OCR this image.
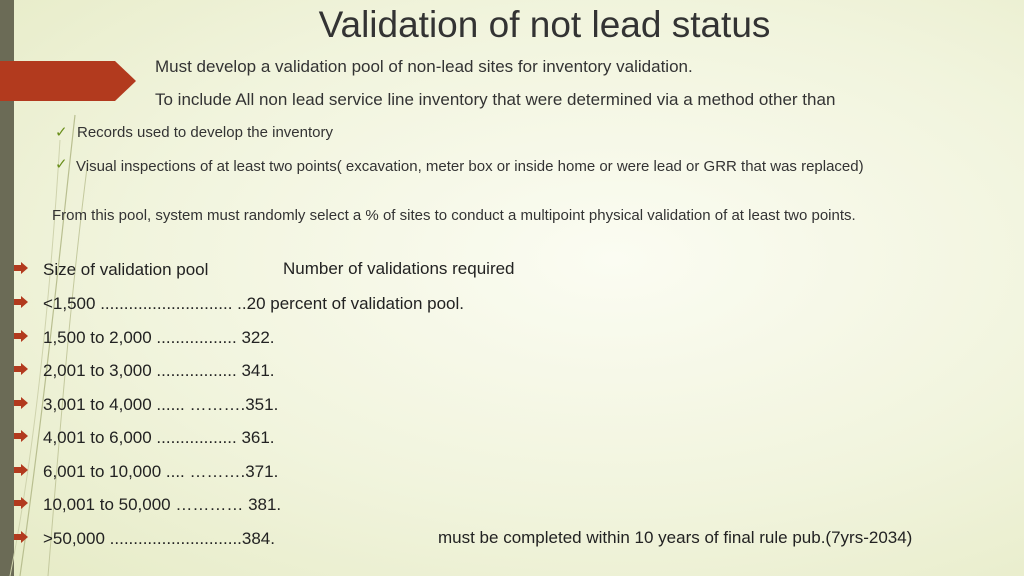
Validation of not lead status
Must develop a validation pool of non-lead sites for inventory validation.
To include All non lead service line inventory that were determined via a method other than
✓ Records used to develop the inventory
✓ Visual inspections of at least two points( excavation, meter box or inside home or were lead or GRR that was replaced)
From this pool, system must randomly select a % of sites to conduct a multipoint physical validation of at least two points.
Size of validation pool	Number of validations required
<1,500 ............................ ..20 percent of validation pool.
1,500 to 2,000 ................. 322.
2,001 to 3,000 ................. 341.
3,001 to 4,000 ...... ……….351.
4,001 to 6,000 ................. 361.
6,001 to 10,000 .... ……….371.
10,001 to 50,000 ………… 381.
>50,000 ............................384.	must be completed within 10 years of final rule pub.(7yrs-2034)
